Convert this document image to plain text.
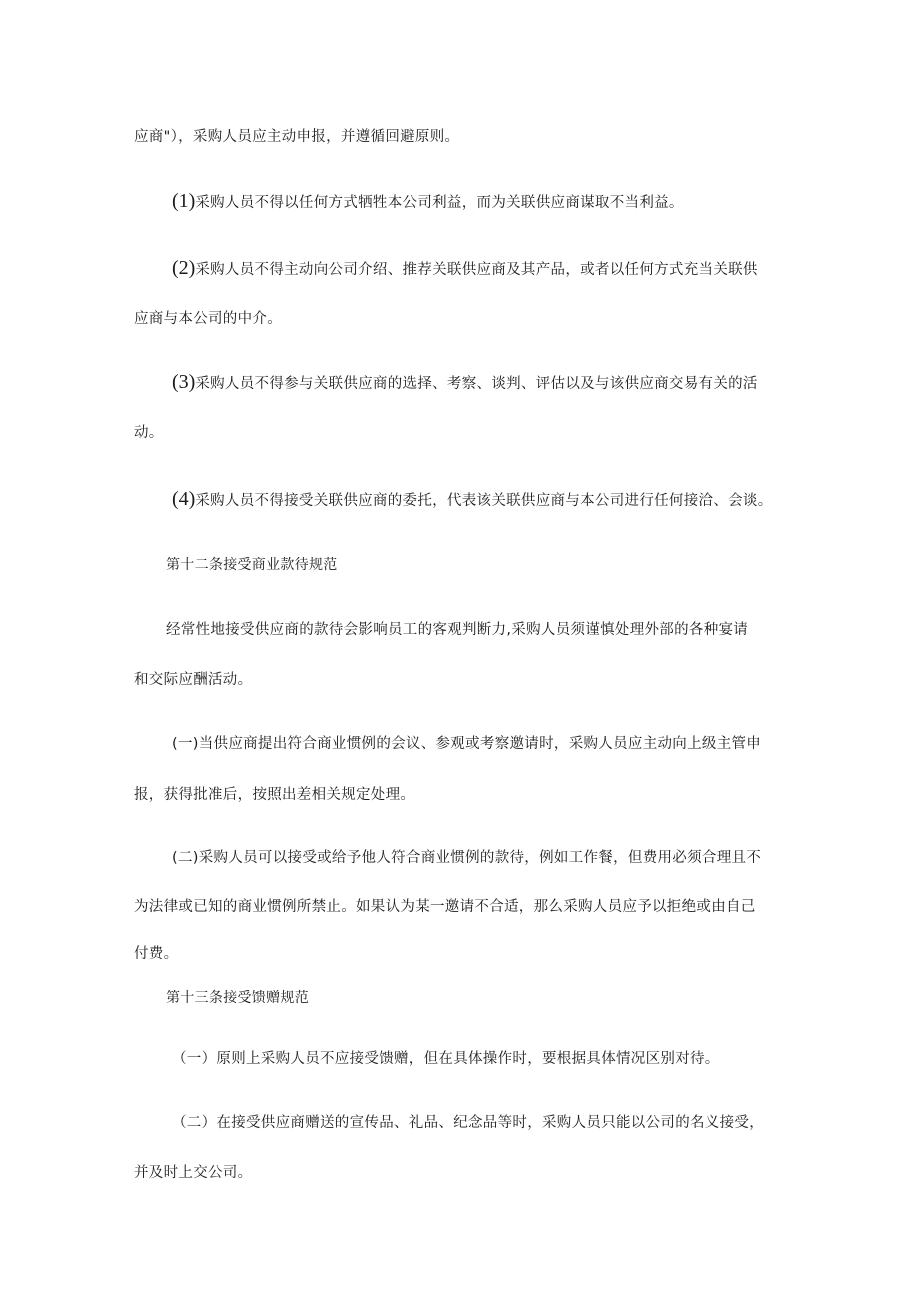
应商"），采购人员应主动申报，并遵循回避原则。
(1)采购人员不得以任何方式牺牲本公司利益，而为关联供应商谋取不当利益。
(2)采购人员不得主动向公司介绍、推荐关联供应商及其产品，或者以任何方式充当关联供
应商与本公司的中介。
(3)采购人员不得参与关联供应商的选择、考察、谈判、评估以及与该供应商交易有关的活
动。
(4)采购人员不得接受关联供应商的委托，代表该关联供应商与本公司进行任何接洽、会谈。
第十二条接受商业款待规范
经常性地接受供应商的款待会影响员工的客观判断力,采购人员须谨慎处理外部的各种宴请
和交际应酬活动。
(一)当供应商提出符合商业惯例的会议、参观或考察邀请时，采购人员应主动向上级主管申
报，获得批准后，按照出差相关规定处理。
(二)采购人员可以接受或给予他人符合商业惯例的款待，例如工作餐，但费用必须合理且不
为法律或已知的商业惯例所禁止。如果认为某一邀请不合适，那么采购人员应予以拒绝或由自己
付费。
第十三条接受馈赠规范
（一）原则上采购人员不应接受馈赠，但在具体操作时，要根据具体情况区别对待。
（二）在接受供应商赠送的宣传品、礼品、纪念品等时，采购人员只能以公司的名义接受，
并及时上交公司。
